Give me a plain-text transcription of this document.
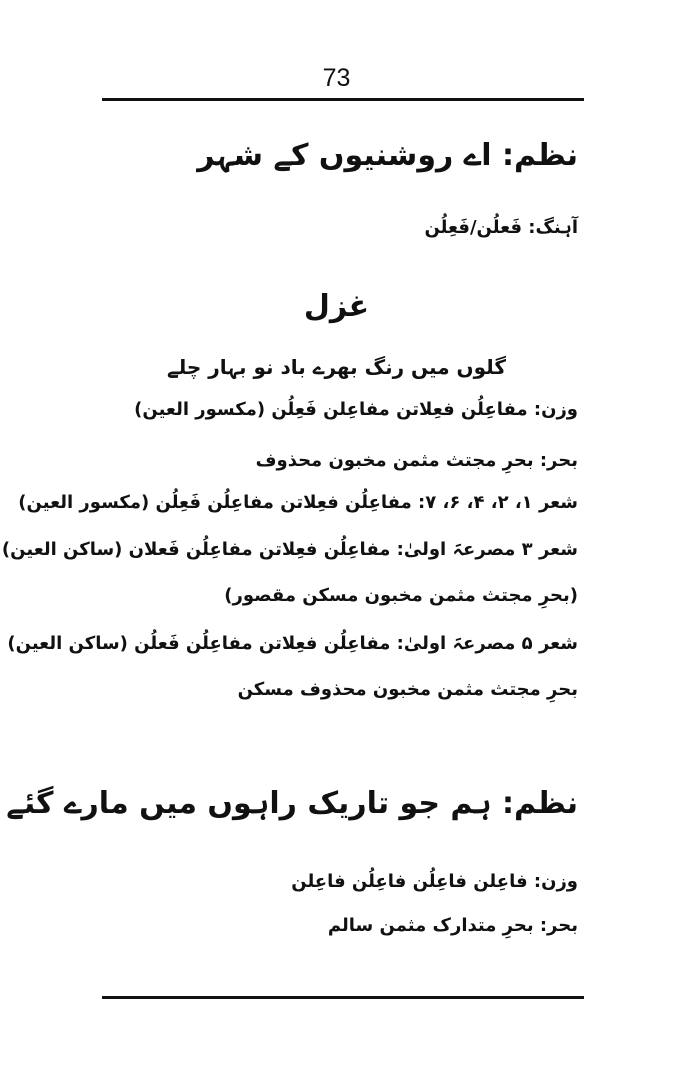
73
نظم: اے روشنیوں کے شہر
آہنگ: فَعلُن/فَعِلُن
غزل
گلوں میں رنگ بھرے باد نو بہار چلے
وزن: مفاعِلُن فعِلاتن مفاعِلن فَعِلُن (مکسور العین)
بحر: بحرِ مجتث مثمن مخبون محذوف
شعر ۱، ۲، ۴، ۶، ۷: مفاعِلُن فعِلاتن مفاعِلُن فَعِلُن (مکسور العین)
شعر ۳ مصرعہَ اولیٰ: مفاعِلُن فعِلاتن مفاعِلُن فَعلان (ساکن العین)
(بحرِ مجتث مثمن مخبون مسکن مقصور)
شعر ۵ مصرعہَ اولیٰ: مفاعِلُن فعِلاتن مفاعِلُن فَعلُن (ساکن العین)
بحرِ مجتث مثمن مخبون محذوف مسکن
نظم: ہم جو تاریک راہوں میں مارے گئے
وزن: فاعِلن فاعِلُن فاعِلُن فاعِلن
بحر: بحرِ متدارک مثمن سالم
